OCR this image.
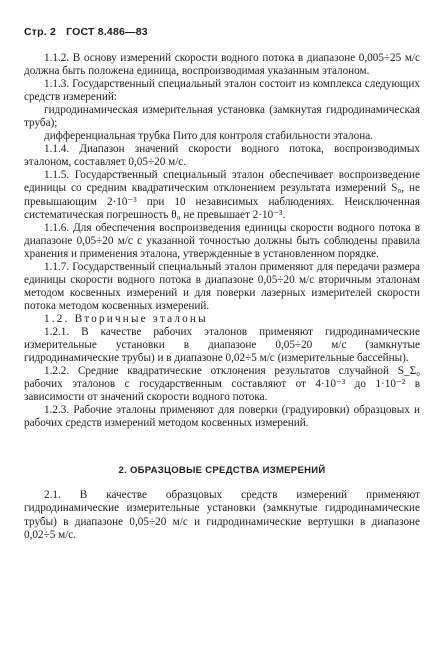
Стр. 2 ГОСТ 8.486—83

1.1.2. В основу измерений скорости водного потока в диапазоне 0,005÷25 м/с должна быть положена единица, воспроизводимая указанным эталоном.

1.1.3. Государственный специальный эталон состоит из комплекса следующих средств измерений:

гидродинамическая измерительная установка (замкнутая гидродинамическая труба);

дифференциальная трубка Пито для контроля стабильности эталона.

1.1.4. Диапазон значений скорости водного потока, воспроизводимых эталоном, составляет 0,05÷20 м/с.

1.1.5. Государственный специальный эталон обеспечивает воспроизведение единицы со средним квадратическим отклонением результата измерений S₀, не превышающим 2·10⁻³ при 10 независимых наблюдениях. Неисключенная систематическая погрешность θ₀ не превышает 2·10⁻³.

1.1.6. Для обеспечения воспроизведения единицы скорости водного потока в диапазоне 0,05÷20 м/с с указанной точностью должны быть соблюдены правила хранения и применения эталона, утвержденные в установленном порядке.

1.1.7. Государственный специальный эталон применяют для передачи размера единицы скорости водного потока в диапазоне 0,05÷20 м/с вторичным эталонам методом косвенных измерений и для поверки лазерных измерителей скорости потока методом косвенных измерений.

1.2. Вторичные эталоны

1.2.1. В качестве рабочих эталонов применяют гидродинамические измерительные установки в диапазоне 0,05÷20 м/с (замкнутые гидродинамические трубы) и в диапазоне 0,02÷5 м/с (измерительные бассейны).

1.2.2. Средние квадратические отклонения результатов случайной S_Σ₀ рабочих эталонов с государственным составляют от 4·10⁻³ до 1·10⁻² в зависимости от значений скорости водного потока.

1.2.3. Рабочие эталоны применяют для поверки (градуировки) образцовых и рабочих средств измерений методом косвенных измерений.

2. ОБРАЗЦОВЫЕ СРЕДСТВА ИЗМЕРЕНИЙ

2.1. В качестве образцовых средств измерений применяют гидродинамические измерительные установки (замкнутые гидродинамические трубы) в диапазоне 0,05÷20 м/с и гидродинамические вертушки в диапазоне 0,02÷5 м/с.
